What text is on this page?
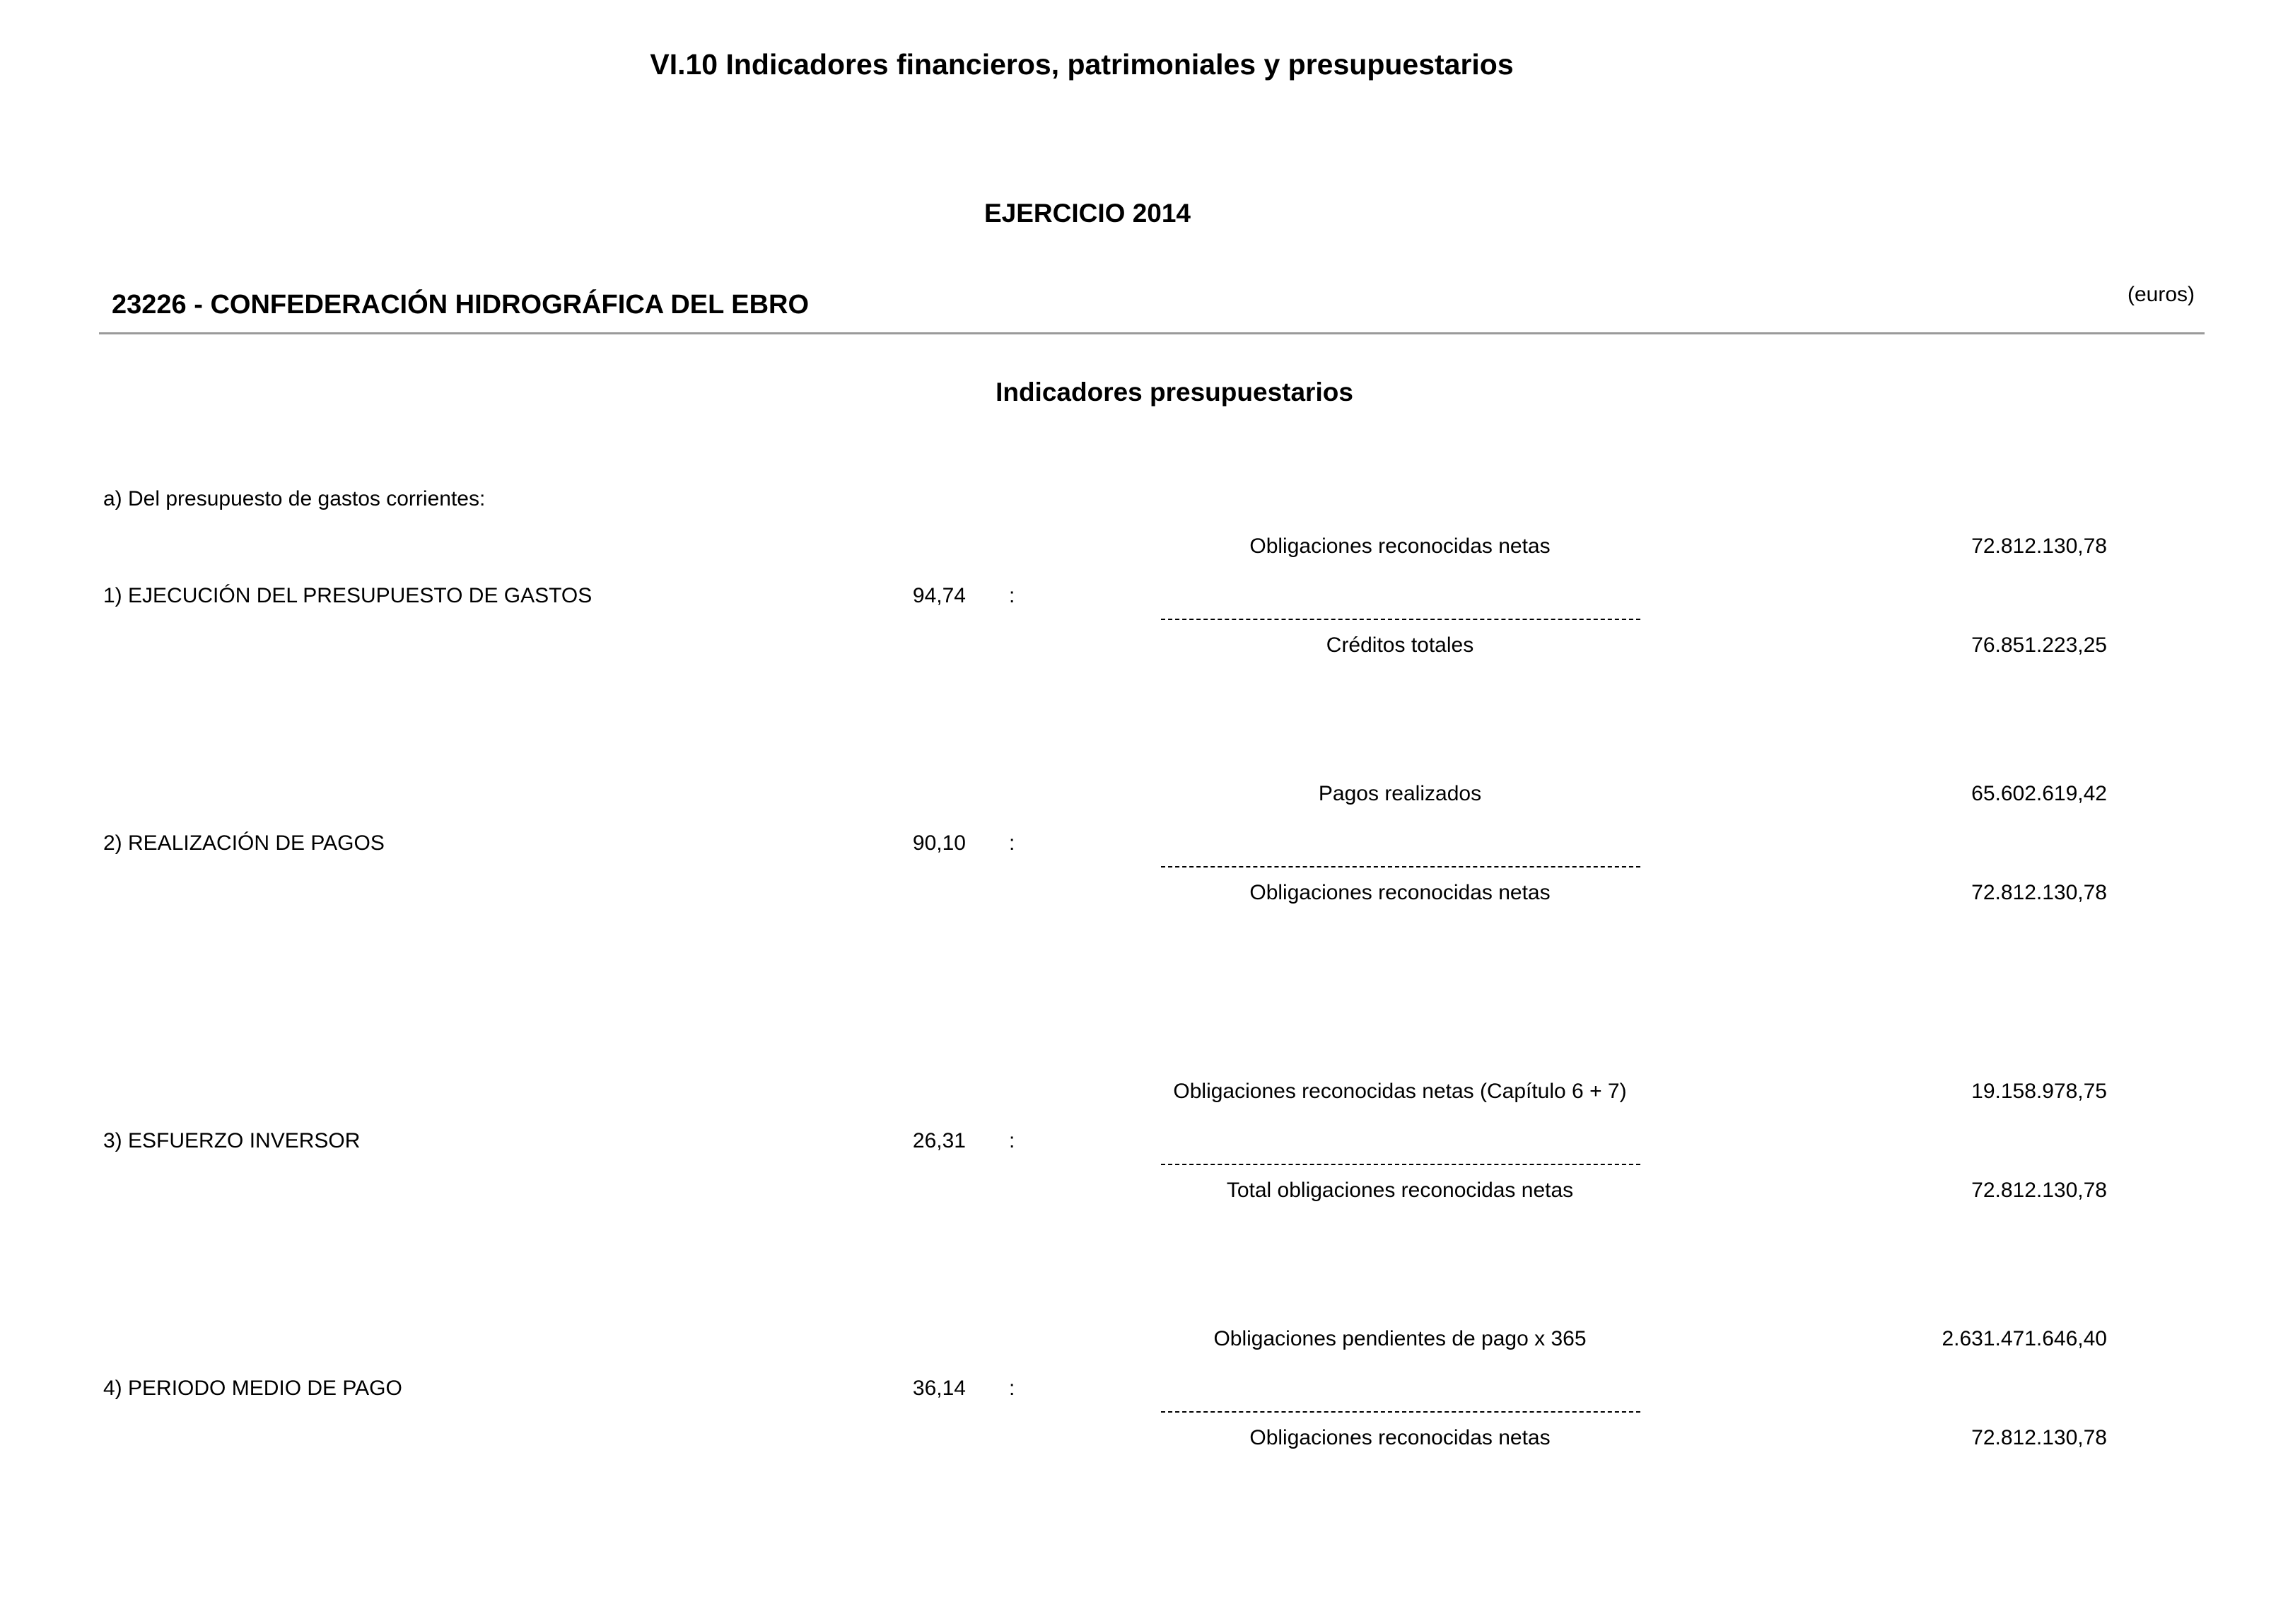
VI.10 Indicadores financieros, patrimoniales y presupuestarios
EJERCICIO 2014
23226 - CONFEDERACIÓN HIDROGRÁFICA DEL EBRO	(euros)
Indicadores presupuestarios
a) Del presupuesto de gastos corrientes:
Obligaciones reconocidas netas	72.812.130,78
1) EJECUCIÓN DEL PRESUPUESTO DE GASTOS	94,74 :
Créditos totales	76.851.223,25
Pagos realizados	65.602.619,42
2) REALIZACIÓN DE PAGOS	90,10 :
Obligaciones reconocidas netas	72.812.130,78
Obligaciones reconocidas netas (Capítulo 6 + 7)	19.158.978,75
3) ESFUERZO INVERSOR	26,31 :
Total obligaciones reconocidas netas	72.812.130,78
Obligaciones pendientes de pago x 365	2.631.471.646,40
4) PERIODO MEDIO DE PAGO	36,14 :
Obligaciones reconocidas netas	72.812.130,78
